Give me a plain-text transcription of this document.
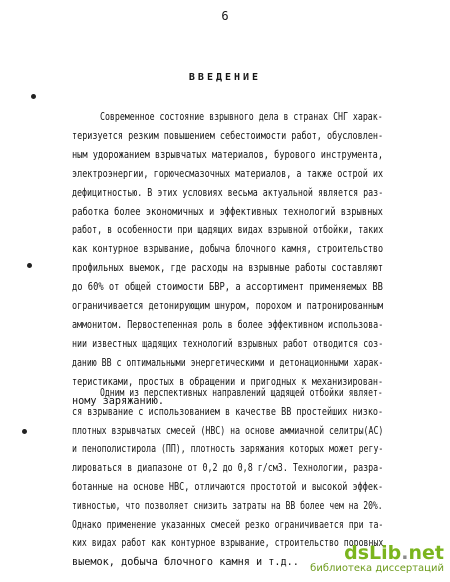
6
ВВЕДЕНИЕ
Современное состояние взрывного дела в странах СНГ харак-
теризуется резким повышением себестоимости работ, обусловлен-
ным удорожанием взрывчатых материалов, бурового инструмента,
электроэнергии, горючесмазочных материалов, а также острой их
дефицитностью. В этих условиях весьма актуальной является раз-
работка более экономичных и эффективных технологий взрывных
работ, в особенности при щадящих видах взрывной отбойки, таких
как контурное взрывание, добыча блочного камня, строительство
профильных выемок, где расходы на взрывные работы составляют
до 60% от общей стоимости БВР, а ассортимент применяемых ВВ
ограничивается детонирующим шнуром, порохом и патронированным
аммонитом. Первостепенная роль в более эффективном использова-
нии известных щадящих технологий взрывных работ отводится соз-
данию ВВ с оптимальными энергетическими и детонационными харак-
теристиками, простых в обращении и пригодных к механизирован-
ному заряжанию.
Одним из перспективных направлений щадящей отбойки являет-
ся взрывание с использованием в качестве ВВ простейших низко-
плотных взрывчатых смесей (НВС) на основе аммиачной селитры(АС)
и пенополистирола (ПП), плотность заряжания которых может регу-
лироваться в диапазоне от 0,2 до 0,8 г/см3. Технологии, разра-
ботанные на основе НВС, отличаются простотой и высокой эффек-
тивностью, что позволяет снизить затраты на ВВ более чем на 20%.
Однако применение указанных смесей резко ограничивается при та-
ких видах работ как контурное взрывание, строительство поровных
выемок, добыча блочного камня и т.д..	dsLib.net
библиотека диссертаций
